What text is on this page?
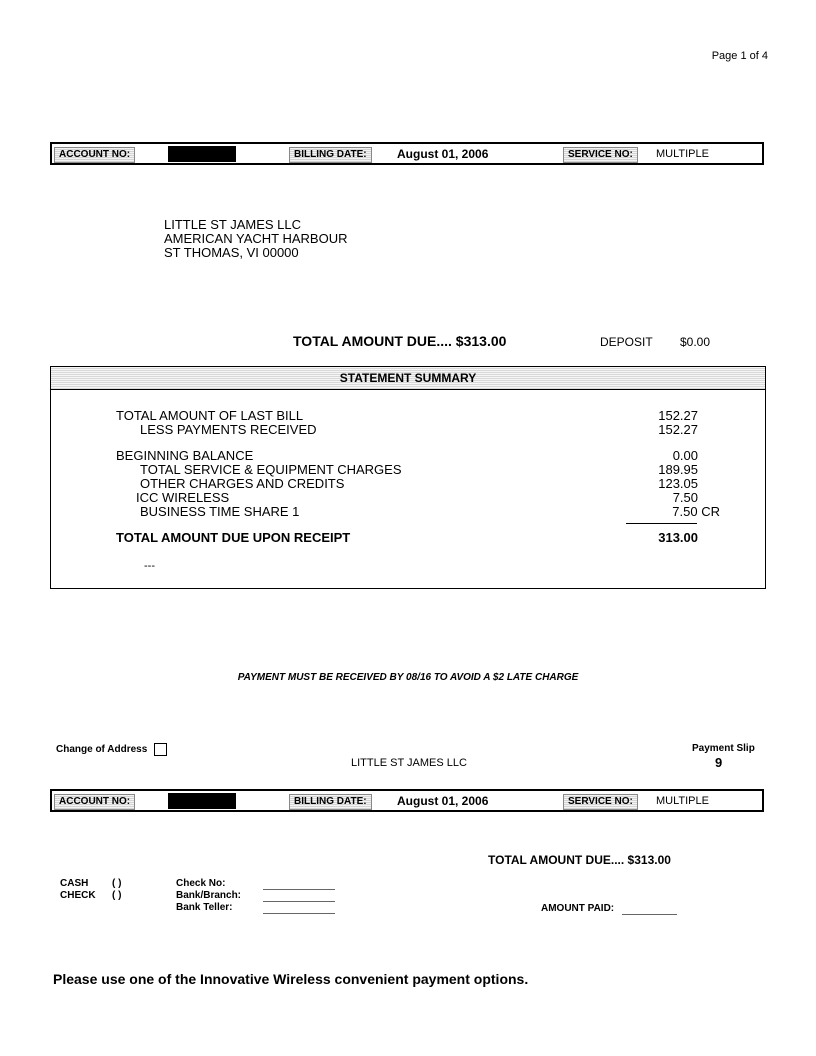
Page 1 of 4
ACCOUNT NO:	BILLING DATE:	August 01, 2006	SERVICE NO:	MULTIPLE
LITTLE ST JAMES LLC
AMERICAN YACHT HARBOUR
ST THOMAS, VI 00000
TOTAL AMOUNT DUE.... $313.00	DEPOSIT $0.00
STATEMENT SUMMARY
TOTAL AMOUNT OF LAST BILL	152.27
LESS PAYMENTS RECEIVED	152.27
BEGINNING BALANCE	0.00
TOTAL SERVICE & EQUIPMENT CHARGES	189.95
OTHER CHARGES AND CREDITS	123.05
ICC WIRELESS	7.50
BUSINESS TIME SHARE 1	7.50 CR
TOTAL AMOUNT DUE UPON RECEIPT	313.00
---
PAYMENT MUST BE RECEIVED BY 08/16 TO AVOID A $2 LATE CHARGE
Change of Address	Payment Slip
9
LITTLE ST JAMES LLC
ACCOUNT NO:	BILLING DATE:	August 01, 2006	SERVICE NO:	MULTIPLE
TOTAL AMOUNT DUE.... $313.00
CASH ( )
CHECK ( )
Check No:
Bank/Branch:
Bank Teller:	AMOUNT PAID:
Please use one of the Innovative Wireless convenient payment options.
